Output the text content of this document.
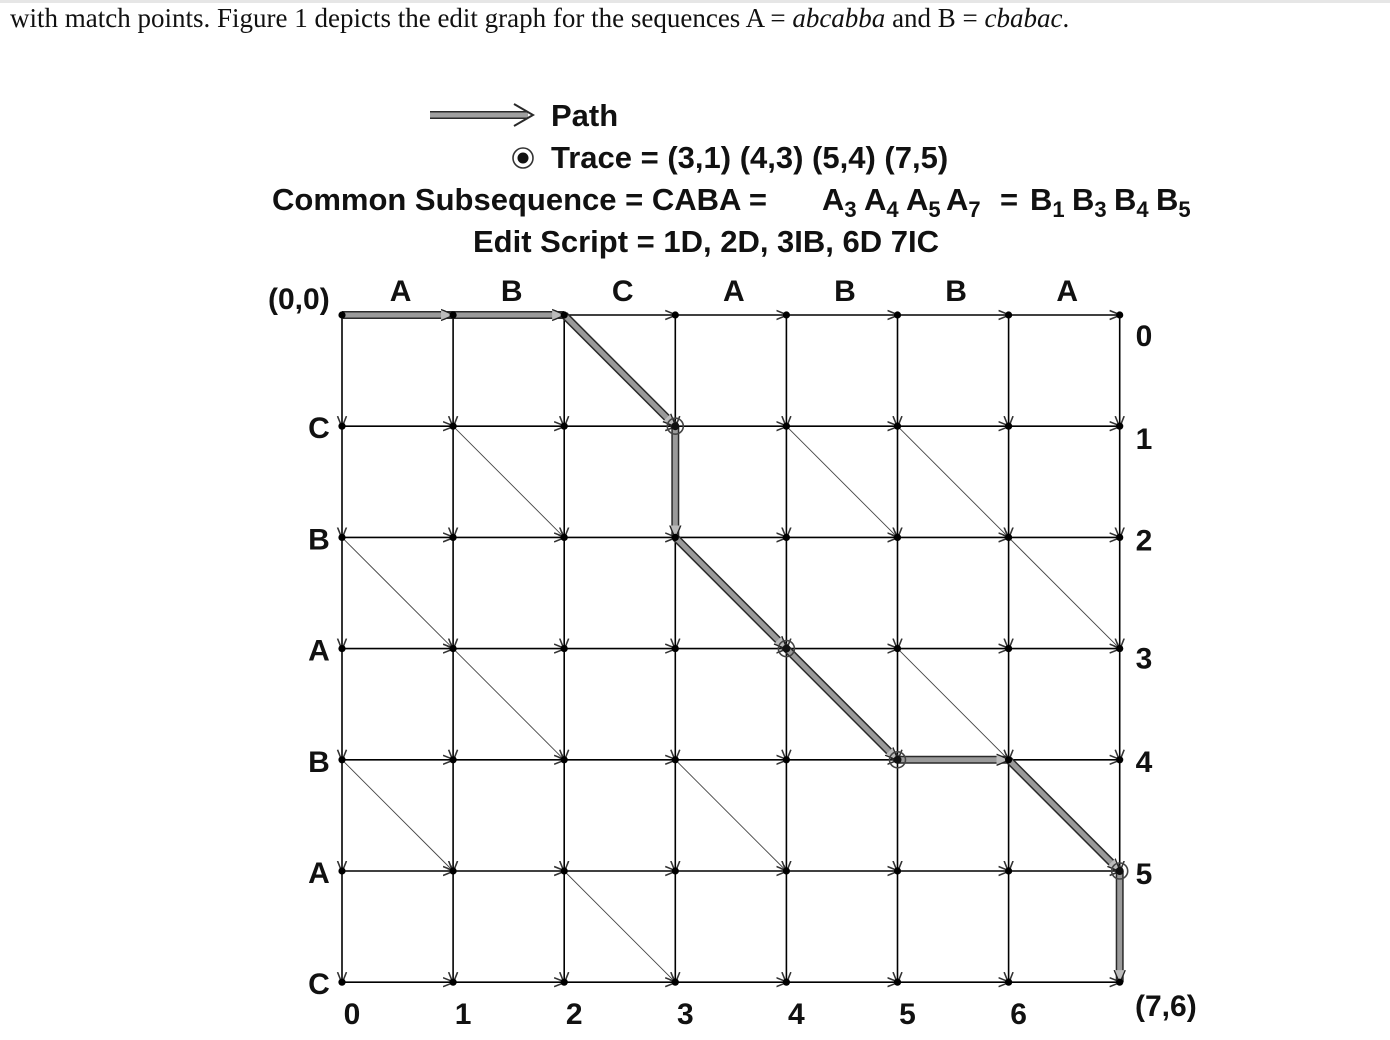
with match points. Figure 1 depicts the edit graph for the sequences A = abcabba and B = cbabac.
Path
Trace = (3,1) (4,3) (5,4) (7,5)
Common Subsequence = CABA = $A_3$ $A_4$ $A_5$ $A_7 = B_1$ $B_3$ $B_4$ $B_5$
Edit Script = 1D, 2D, 3IB, 6D 7IC
(0,0)
(7,6)
A	B	C	A	B	B	A
C
B
A
B
A
C
0	1	2	3	4	5	6
0
1
2
3
4
5
